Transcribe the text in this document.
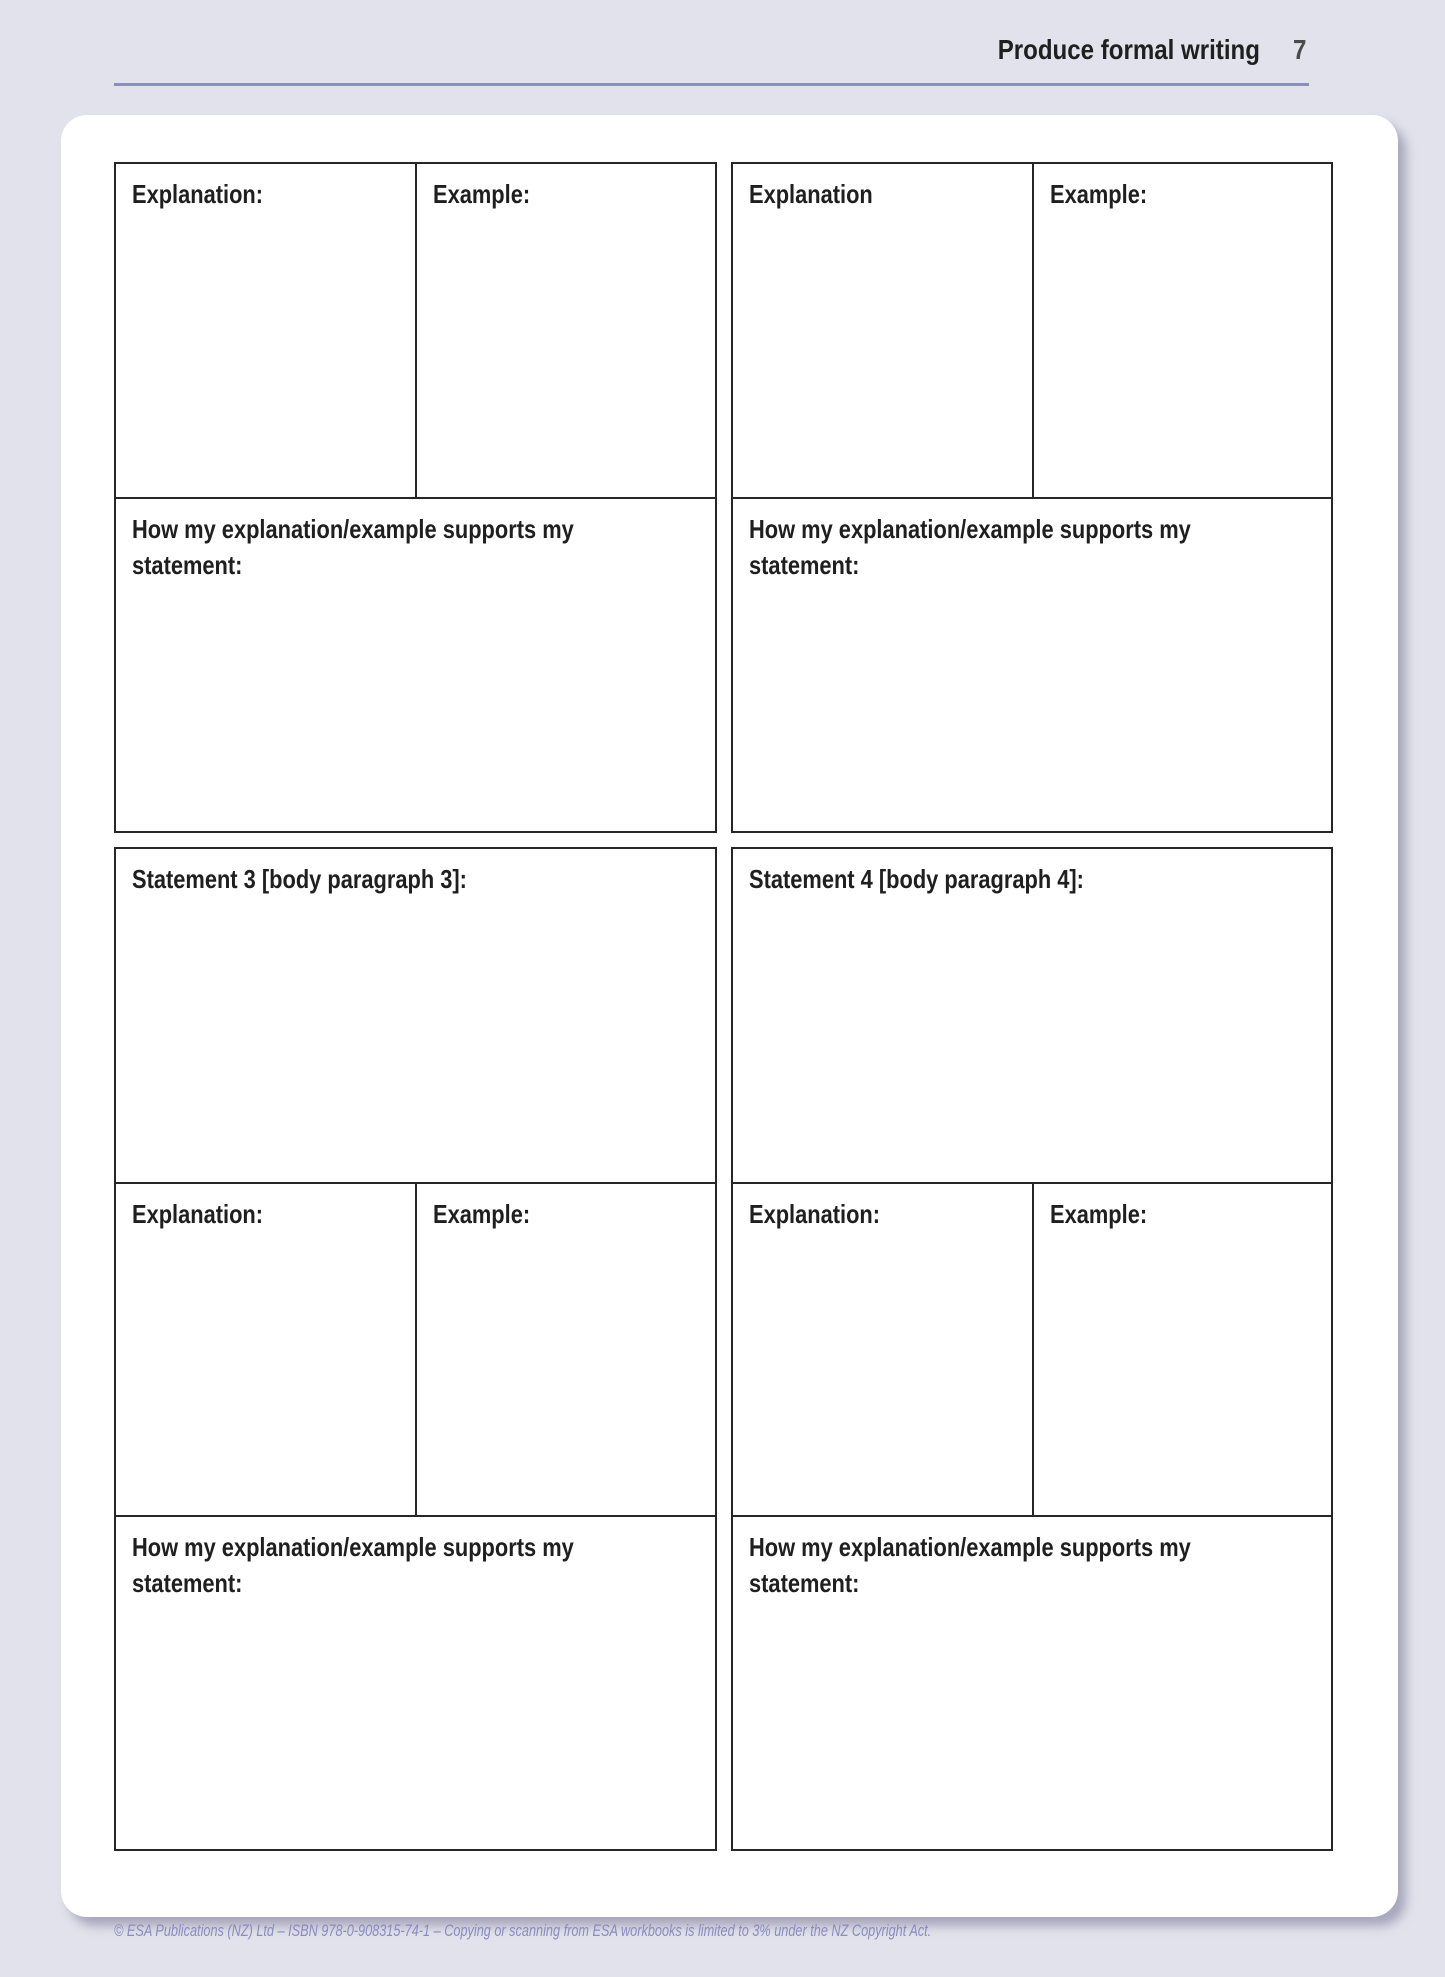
Produce formal writing 7
Explanation:	Example:
How my explanation/example supports my statement:
Explanation	Example:
How my explanation/example supports my statement:
Statement 3 [body paragraph 3]:
Explanation:	Example:
How my explanation/example supports my statement:
Statement 4 [body paragraph 4]:
Explanation:	Example:
How my explanation/example supports my statement:
© ESA Publications (NZ) Ltd – ISBN 978-0-908315-74-1 – Copying or scanning from ESA workbooks is limited to 3% under the NZ Copyright Act.
